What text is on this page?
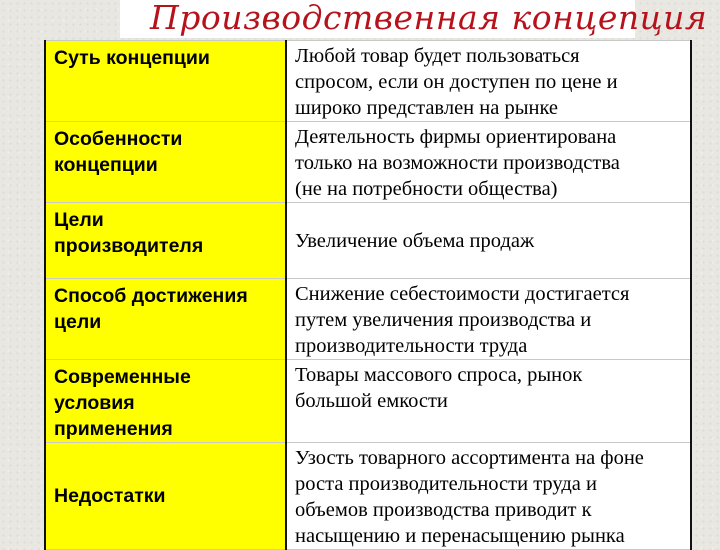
Производственная концепция
Суть концепции	Любой товар будет пользоваться
спросом, если он доступен по цене и
широко представлен на рынке

Особенности
концепции	Деятельность фирмы ориентирована
только на возможности производства
(не на потребности общества)

Цели
производителя	Увеличение объема продаж

Способ достижения
цели	Снижение себестоимости достигается
путем увеличения производства и
производительности труда

Современные
условия
применения	Товары массового спроса, рынок
большой емкости

Недостатки	Узость товарного ассортимента на фоне
роста производительности труда и
объемов производства приводит к
насыщению и перенасыщению рынка
